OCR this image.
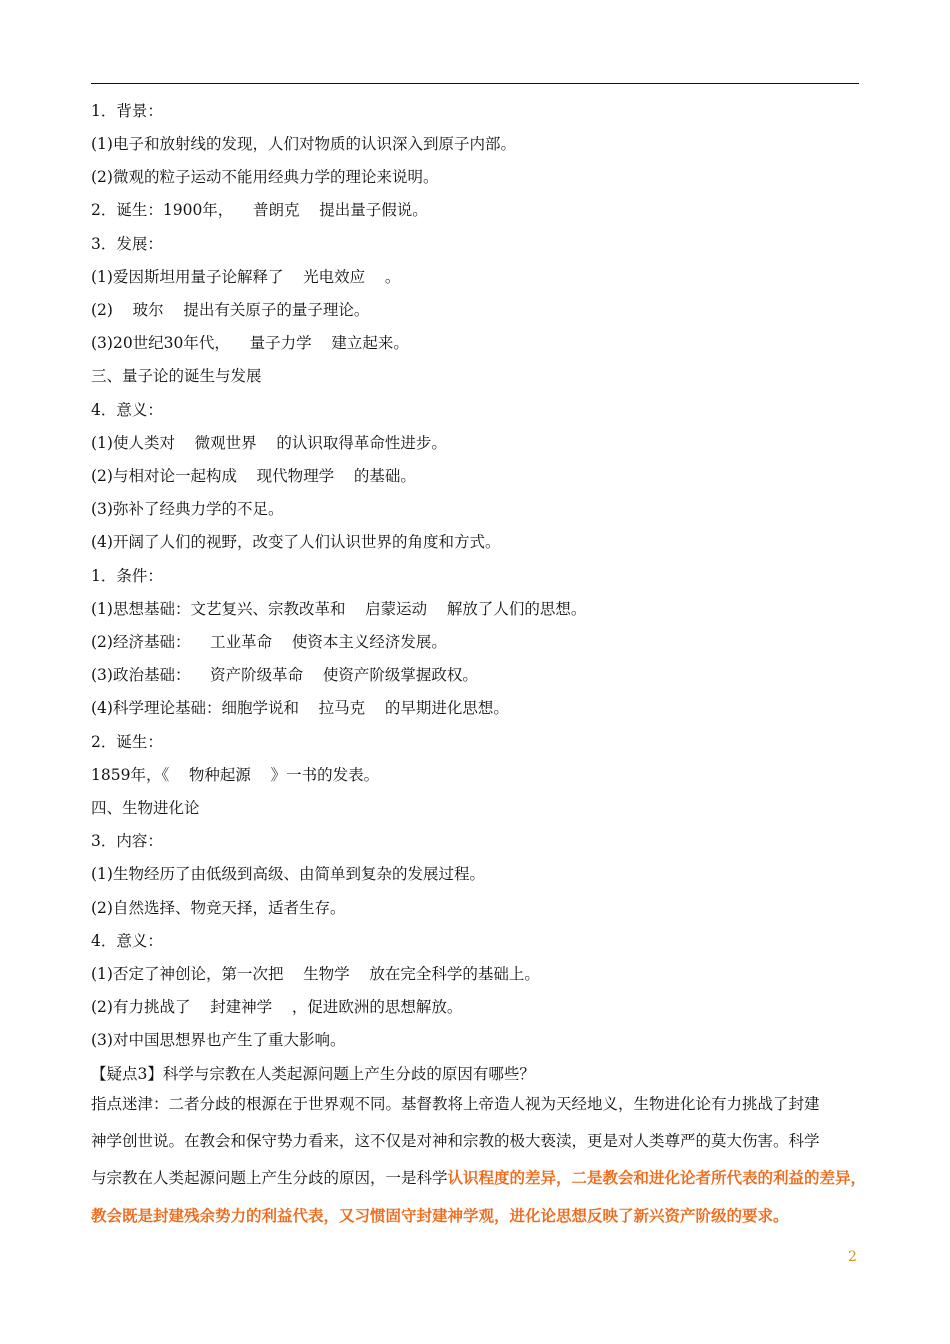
1．背景：
(1)电子和放射线的发现，人们对物质的认识深入到原子内部。
(2)微观的粒子运动不能用经典力学的理论来说明。
2．诞生：1900年，    普朗克    提出量子假说。
3．发展：
(1)爱因斯坦用量子论解释了    光电效应    。
(2)    玻尔    提出有关原子的量子理论。
(3)20世纪30年代，    量子力学    建立起来。
三、量子论的诞生与发展
4．意义：
(1)使人类对    微观世界    的认识取得革命性进步。
(2)与相对论一起构成    现代物理学    的基础。
(3)弥补了经典力学的不足。
(4)开阔了人们的视野，改变了人们认识世界的角度和方式。
1．条件：
(1)思想基础：文艺复兴、宗教改革和    启蒙运动    解放了人们的思想。
(2)经济基础：    工业革命    使资本主义经济发展。
(3)政治基础：    资产阶级革命    使资产阶级掌握政权。
(4)科学理论基础：细胞学说和    拉马克    的早期进化思想。
2．诞生：
1859年，《    物种起源    》一书的发表。
四、生物进化论
3．内容：
(1)生物经历了由低级到高级、由简单到复杂的发展过程。
(2)自然选择、物竞天择，适者生存。
4．意义：
(1)否定了神创论，第一次把    生物学    放在完全科学的基础上。
(2)有力挑战了    封建神学    ，促进欧洲的思想解放。
(3)对中国思想界也产生了重大影响。
【疑点3】科学与宗教在人类起源问题上产生分歧的原因有哪些？
指点迷津：二者分歧的根源在于世界观不同。基督教将上帝造人视为天经地义，生物进化论有力挑战了封建
神学创世说。在教会和保守势力看来，这不仅是对神和宗教的极大亵渎，更是对人类尊严的莫大伤害。科学
与宗教在人类起源问题上产生分歧的原因，一是科学认识程度的差异，二是教会和进化论者所代表的利益的差异，
教会既是封建残余势力的利益代表，又习惯固守封建神学观，进化论思想反映了新兴资产阶级的要求。
2
